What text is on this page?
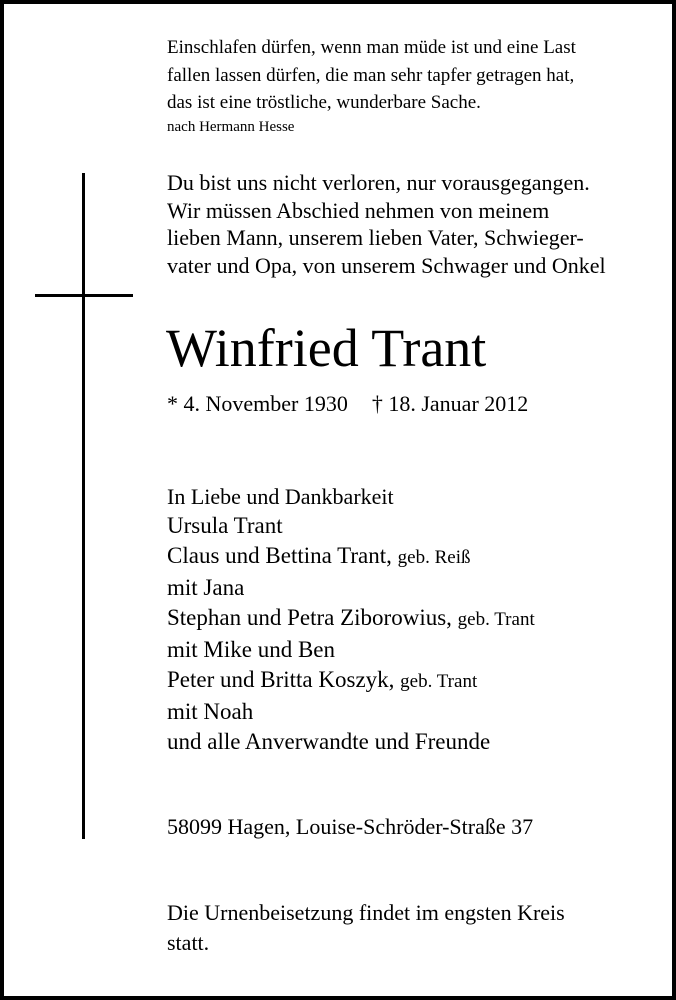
Einschlafen dürfen, wenn man müde ist und eine Last
fallen lassen dürfen, die man sehr tapfer getragen hat,
das ist eine tröstliche, wunderbare Sache.
nach Hermann Hesse
Du bist uns nicht verloren, nur vorausgegangen.
Wir müssen Abschied nehmen von meinem
lieben Mann, unserem lieben Vater, Schwieger-
vater und Opa, von unserem Schwager und Onkel
Winfried Trant
* 4. November 1930 † 18. Januar 2012
In Liebe und Dankbarkeit
Ursula Trant
Claus und Bettina Trant, geb. Reiß
mit Jana
Stephan und Petra Ziborowius, geb. Trant
mit Mike und Ben
Peter und Britta Koszyk, geb. Trant
mit Noah
und alle Anverwandte und Freunde
58099 Hagen, Louise-Schröder-Straße 37
Die Urnenbeisetzung findet im engsten Kreis
statt.
